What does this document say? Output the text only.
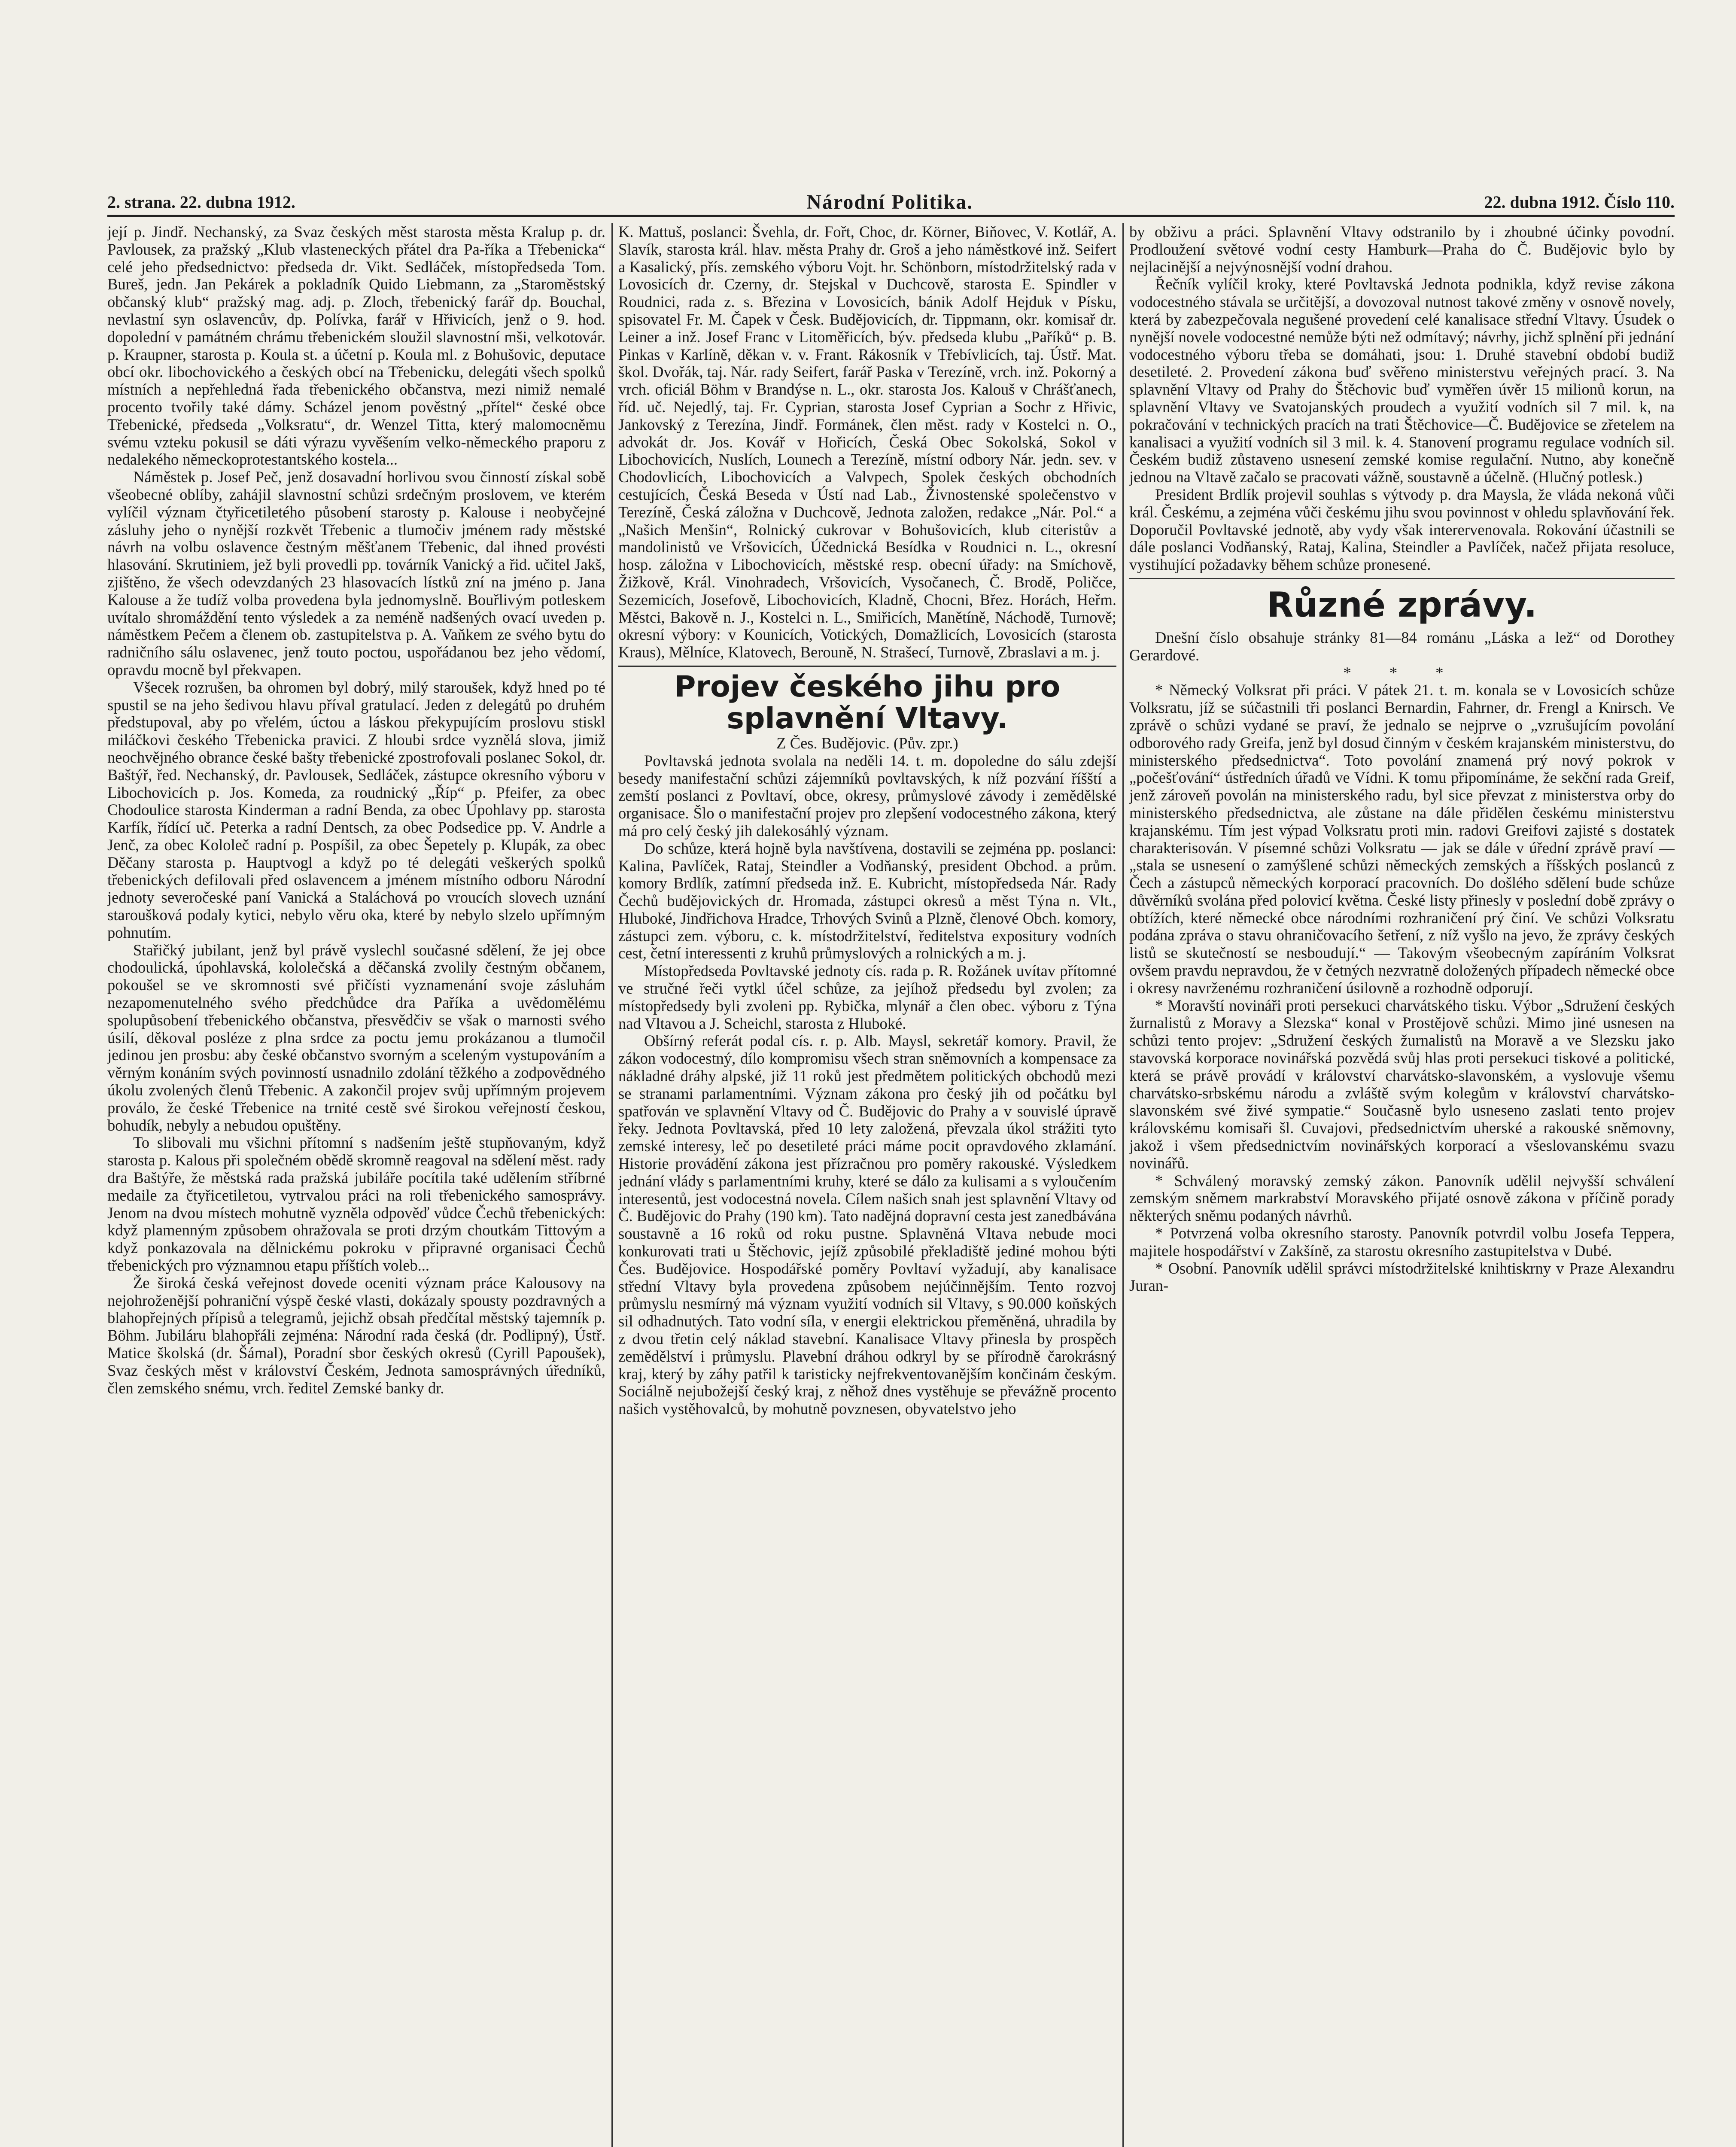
2. strana. 22. dubna 1912.	Národní Politika.	22. dubna 1912. Číslo 110.

její p. Jindř. Nechanský, za Svaz českých měst starosta města Kralup p. dr. Pavlousek, za pražský „Klub vlasteneckých přátel dra Pa-říka a Třebenicka“ celé jeho předsednictvo: předseda dr. Vikt. Sedláček, místopředseda Tom. Bureš, jedn. Jan Pekárek a pokladník Quido Liebmann, za „Staroměstský občanský klub“ pražský mag. adj. p. Zloch, třebenický farář dp. Bouchal, nevlastní syn oslavencův, dp. Polívka, farář v Hřivicích, jenž o 9. hod. dopolední v památném chrámu třebenickém sloužil slavnostní mši, velkotovár. p. Kraupner, starosta p. Koula st. a účetní p. Koula ml. z Bohušovic, deputace obcí okr. libochovického a českých obcí na Třebenicku, delegáti všech spolků místních a nepřehledná řada třebenického občanstva, mezi nimiž nemalé procento tvořily také dámy. Scházel jenom pověstný „přítel“ české obce Třebenické, předseda „Volksratu“, dr. Wenzel Titta, který malomocněmu svému vzteku pokusil se dáti výrazu vyvěšením velko-německého praporu z nedalekého německoprotestantského kostela...

Náměstek p. Josef Peč, jenž dosavadní horlivou svou činností získal sobě všeobecné oblíby, zahájil slavnostní schůzi srdečným proslovem, ve kterém vylíčil význam čtyřicetiletého působení starosty p. Kalouse i neobyčejné zásluhy jeho o nynější rozkvět Třebenic a tlumočiv jménem rady městské návrh na volbu oslavence čestným měšťanem Třebenic, dal ihned provésti hlasování. Skrutiniem, jež byli provedli pp. továrník Vanický a řid. učitel Jakš, zjištěno, že všech odevzdaných 23 hlasovacích lístků zní na jméno p. Jana Kalouse a že tudíž volba provedena byla jednomyslně. Bouřlivým potleskem uvítalo shromáždění tento výsledek a za neméně nadšených ovací uveden p. náměstkem Pečem a členem ob. zastupitelstva p. A. Vaňkem ze svého bytu do radničního sálu oslavenec, jenž touto poctou, uspořádanou bez jeho vědomí, opravdu mocně byl překvapen.

Všecek rozrušen, ba ohromen byl dobrý, milý staroušek, když hned po té spustil se na jeho šedivou hlavu příval gratulací. Jeden z delegátů po druhém předstupoval, aby po vřelém, úctou a láskou překypujícím proslovu stiskl miláčkovi českého Třebenicka pravici. Z hloubi srdce vyznělá slova, jimiž neochvějného obrance české bašty třebenické zpostrofovali poslanec Sokol, dr. Baštýř, řed. Nechanský, dr. Pavlousek, Sedláček, zástupce okresního výboru v Libochovicích p. Jos. Komeda, za roudnický „Říp“ p. Pfeifer, za obec Chodoulice starosta Kinderman a radní Benda, za obec Úpohlavy pp. starosta Karfík, řídící uč. Peterka a radní Dentsch, za obec Podsedice pp. V. Andrle a Jenč, za obec Kololeč radní p. Pospíšil, za obec Šepetely p. Klupák, za obec Děčany starosta p. Hauptvogl a když po té delegáti veškerých spolků třebenických defilovali před oslavencem a jménem místního odboru Národní jednoty severočeské paní Vanická a Staláchová po vroucích slovech uznání staroušková podaly kytici, nebylo věru oka, které by nebylo slzelo upřímným pohnutím.

Stařičký jubilant, jenž byl právě vyslechl současné sdělení, že jej obce chodoulická, úpohlavská, kololečská a děčanská zvolily čestným občanem, pokoušel se ve skromnosti své přičísti vyznamenání svoje zásluhám nezapomenutelného svého předchůdce dra Paříka a uvědomělému spolupůsobení třebenického občanstva, přesvědčiv se však o marnosti svého úsilí, děkoval posléze z plna srdce za poctu jemu prokázanou a tlumočil jedinou jen prosbu: aby české občanstvo svorným a sceleným vystupováním a věrným konáním svých povinností usnadnilo zdolání těžkého a zodpovědného úkolu zvolených členů Třebenic. A zakončil projev svůj upřímným projevem proválo, že české Třebenice na trnité cestě své širokou veřejností českou, bohudík, nebyly a nebudou opuštěny.

To slibovali mu všichni přítomní s nadšením ještě stupňovaným, když starosta p. Kalous při společném obědě skromně reagoval na sdělení měst. rady dra Baštýře, že městská rada pražská jubiláře pocítila také udělením stříbrné medaile za čtyřicetiletou, vytrvalou práci na roli třebenického samosprávy. Jenom na dvou místech mohutně vyzněla odpověď vůdce Čechů třebenických: když plamenným způsobem ohražovala se proti drzým choutkám Tittovým a když ponkazovala na dělnickému pokroku v připravné organisaci Čechů třebenických pro významnou etapu příštích voleb...

Že široká česká veřejnost dovede oceniti význam práce Kalousovy na nejohroženější pohraniční výspě české vlasti, dokázaly spousty pozdravných a blahopřejných přípisů a telegramů, jejichž obsah předčítal městský tajemník p. Böhm. Jubiláru blahopřáli zejména: Národní rada česká (dr. Podlipný), Ústř. Matice školská (dr. Šámal), Poradní sbor českých okresů (Cyrill Papoušek), Svaz českých měst v království Českém, Jednota samosprávných úředníků, člen zemského snému, vrch. ředitel Zemské banky dr.

K. Mattuš, poslanci: Švehla, dr. Fořt, Choc, dr. Körner, Biňovec, V. Kotlář, A. Slavík, starosta král. hlav. města Prahy dr. Groš a jeho náměstkové inž. Seifert a Kasalický, přís. zemského výboru Vojt. hr. Schönborn, místodržitelský rada v Lovosicích dr. Czerny, dr. Stejskal v Duchcově, starosta E. Spindler v Roudnici, rada z. s. Březina v Lovosicích, bánik Adolf Hejduk v Písku, spisovatel Fr. M. Čapek v Česk. Budějovicích, dr. Tippmann, okr. komisař dr. Leiner a inž. Josef Franc v Litoměřicích, býv. předseda klubu „Paříků“ p. B. Pinkas v Karlíně, děkan v. v. Frant. Rákosník v Třebívlicích, taj. Ústř. Mat. škol. Dvořák, taj. Nár. rady Seifert, farář Paska v Terezíně, vrch. inž. Pokorný a vrch. oficiál Böhm v Brandýse n. L., okr. starosta Jos. Kalouš v Chrášťanech, říd. uč. Nejedlý, taj. Fr. Cyprian, starosta Josef Cyprian a Sochr z Hřivic, Jankovský z Terezína, Jindř. Formánek, člen měst. rady v Kostelci n. O., advokát dr. Jos. Kovář v Hořicích, Česká Obec Sokolská, Sokol v Libochovicích, Nuslích, Lounech a Terezíně, místní odbory Nár. jedn. sev. v Chodovlicích, Libochovicích a Valvpech, Spolek českých obchodních cestujících, Česká Beseda v Ústí nad Lab., Živnostenské společenstvo v Terezíně, Česká záložna v Duchcově, Jednota založen, redakce „Nár. Pol.“ a „Našich Menšin“, Rolnický cukrovar v Bohušovicích, klub citeristův a mandolinistů ve Vršovicích, Účednická Besídka v Roudnici n. L., okresní hosp. záložna v Libochovicích, městské resp. obecní úřady: na Smíchově, Žižkově, Král. Vinohradech, Vršovicích, Vysočanech, Č. Brodě, Poličce, Sezemicích, Josefově, Libochovicích, Kladně, Chocni, Břez. Horách, Heřm. Městci, Bakově n. J., Kostelci n. L., Smiřicích, Manětíně, Náchodě, Turnově; okresní výbory: v Kounicích, Votických, Domažlicích, Lovosicích (starosta Kraus), Mělníce, Klatovech, Berouně, N. Strašecí, Turnově, Zbraslavi a m. j.

Projev českého jihu pro splavnění Vltavy.

Z Čes. Budějovic. (Pův. zpr.)

Povltavská jednota svolala na neděli 14. t. m. dopoledne do sálu zdejší besedy manifestační schůzi zájemníků povltavských, k níž pozvání říšští a zemští poslanci z Povltaví, obce, okresy, průmyslové závody i zemědělské organisace. Šlo o manifestační projev pro zlepšení vodocestného zákona, který má pro celý český jih dalekosáhlý význam.

Do schůze, která hojně byla navštívena, dostavili se zejména pp. poslanci: Kalina, Pavlíček, Rataj, Steindler a Vodňanský, president Obchod. a prům. komory Brdlík, zatímní předseda inž. E. Kubricht, místopředseda Nár. Rady Čechů budějovických dr. Hromada, zástupci okresů a měst Týna n. Vlt., Hluboké, Jindřichova Hradce, Trhových Svinů a Plzně, členové Obch. komory, zástupci zem. výboru, c. k. místodržitelství, ředitelstva expositury vodních cest, četní interessenti z kruhů průmyslových a rolnických a m. j.

Místopředseda Povltavské jednoty cís. rada p. R. Rožánek uvítav přítomné ve stručné řeči vytkl účel schůze, za jejíhož předsedu byl zvolen; za místopředsedy byli zvoleni pp. Rybička, mlynář a člen obec. výboru z Týna nad Vltavou a J. Scheichl, starosta z Hluboké.

Obšírný referát podal cís. r. p. Alb. Maysl, sekretář komory. Pravil, že zákon vodocestný, dílo kompromisu všech stran sněmovních a kompensace za nákladné dráhy alpské, již 11 roků jest předmětem politických obchodů mezi se stranami parlamentními. Význam zákona pro český jih od počátku byl spatřován ve splavnění Vltavy od Č. Budějovic do Prahy a v souvislé úpravě řeky. Jednota Povltavská, před 10 lety založená, převzala úkol strážiti tyto zemské interesy, leč po desetileté práci máme pocit opravdového zklamání. Historie provádění zákona jest přízračnou pro poměry rakouské. Výsledkem jednání vlády s parlamentními kruhy, které se dálo za kulisami a s vyloučením interesentů, jest vodocestná novela. Cílem našich snah jest splavnění Vltavy od Č. Budějovic do Prahy (190 km). Tato nadějná dopravní cesta jest zanedbávána soustavně a 16 roků od roku pustne. Splavněná Vltava nebude moci konkurovati trati u Štěchovic, jejíž způsobilé překladiště jediné mohou býti Čes. Budějovice. Hospodářské poměry Povltaví vyžadují, aby kanalisace střední Vltavy byla provedena způsobem nejúčinnějším. Tento rozvoj průmyslu nesmírný má význam využití vodních sil Vltavy, s 90.000 koňských sil odhadnutých. Tato vodní síla, v energii elektrickou přeměněná, uhradila by z dvou třetin celý náklad stavební. Kanalisace Vltavy přinesla by prospěch zemědělství i průmyslu. Plavební dráhou odkryl by se přírodně čarokrásný kraj, který by záhy patřil k taristicky nejfrekventovanějším končinám českým. Sociálně nejubožejší český kraj, z něhož dnes vystěhuje se převážně procento našich vystěhovalců, by mohutně povznesen, obyvatelstvo jeho

by obživu a práci. Splavnění Vltavy odstranilo by i zhoubné účinky povodní. Prodloužení světové vodní cesty Hamburk—Praha do Č. Budějovic bylo by nejlacinější a nejvýnosnější vodní drahou.

Řečník vylíčil kroky, které Povltavská Jednota podnikla, když revise zákona vodocestného stávala se určitější, a dovozoval nutnost takové změny v osnově novely, která by zabezpečovala negušené provedení celé kanalisace střední Vltavy. Úsudek o nynější novele vodocestné nemůže býti než odmítavý; návrhy, jichž splnění při jednání vodocestného výboru třeba se domáhati, jsou: 1. Druhé stavební období budiž desetileté. 2. Provedení zákona buď svěřeno ministerstvu veřejných prací. 3. Na splavnění Vltavy od Prahy do Štěchovic buď vyměřen úvěr 15 milionů korun, na splavnění Vltavy ve Svatojanských proudech a využití vodních sil 7 mil. k, na pokračování v technických pracích na trati Štěchovice—Č. Budějovice se zřetelem na kanalisaci a využití vodních sil 3 mil. k. 4. Stanovení programu regulace vodních sil. Českém budiž zůstaveno usnesení zemské komise regulační. Nutno, aby konečně jednou na Vltavě začalo se pracovati vážně, soustavně a účelně. (Hlučný potlesk.)

President Brdlík projevil souhlas s výtvody p. dra Maysla, že vláda nekoná vůči král. Českému, a zejména vůči českému jihu svou povinnost v ohledu splavňování řek. Doporučil Povltavské jednotě, aby vydy však interervenovala. Rokování účastnili se dále poslanci Vodňanský, Rataj, Kalina, Steindler a Pavlíček, načež přijata resoluce, vystihující požadavky během schůze pronesené.

Různé zprávy.

Dnešní číslo obsahuje stránky 81—84 románu „Láska a lež“ od Dorothey Gerardové.

* * *

* Německý Volksrat při práci. V pátek 21. t. m. konala se v Lovosicích schůze Volksratu, jíž se súčastnili tři poslanci Bernardin, Fahrner, dr. Frengl a Knirsch. Ve zprávě o schůzi vydané se praví, že jednalo se nejprve o „vzrušujícím povolání odborového rady Greifa, jenž byl dosud činným v českém krajanském ministerstvu, do ministerského předsednictva“. Toto povolání znamená prý nový pokrok v „počešťování“ ústředních úřadů ve Vídni. K tomu připomínáme, že sekční rada Greif, jenž zároveň povolán na ministerského radu, byl sice převzat z ministerstva orby do ministerského předsednictva, ale zůstane na dále přidělen českému ministerstvu krajanskému. Tím jest výpad Volksratu proti min. radovi Greifovi zajisté s dostatek charakterisován. V písemné schůzi Volksratu — jak se dále v úřední zprávě praví — „stala se usnesení o zamýšlené schůzi německých zemských a říšských poslanců z Čech a zástupců německých korporací pracovních. Do došlého sdělení bude schůze důvěrníků svolána před polovicí května. České listy přinesly v poslední době zprávy o obtížích, které německé obce národními rozhraničení prý činí. Ve schůzi Volksratu podána zpráva o stavu ohraničovacího šetření, z níž vyšlo na jevo, že zprávy českých listů se skutečností se nesboudují.“ — Takovým všeobecným zapíráním Volksrat ovšem pravdu nepravdou, že v četných nezvratně doložených případech německé obce i okresy navrženému rozhraničení úsilovně a rozhodně odporují.

* Moravští novináři proti persekuci charvátského tisku. Výbor „Sdružení českých žurnalistů z Moravy a Slezska“ konal v Prostějově schůzi. Mimo jiné usnesen na schůzi tento projev: „Sdružení českých žurnalistů na Moravě a ve Slezsku jako stavovská korporace novinářská pozvědá svůj hlas proti persekuci tiskové a politické, která se právě provádí v království charvátsko-slavonském, a vyslovuje všemu charvátsko-srbskému národu a zvláště svým kolegům v království charvátsko-slavonském své živé sympatie.“ Současně bylo usneseno zaslati tento projev královskému komisaři šl. Cuvajovi, předsednictvím uherské a rakouské sněmovny, jakož i všem předsednictvím novinářských korporací a všeslovanskému svazu novinářů.

* Schválený moravský zemský zákon. Panovník udělil nejvyšší schválení zemským sněmem markrabství Moravského přijaté osnově zákona v příčině porady některých sněmu podaných návrhů.

* Potvrzená volba okresního starosty. Panovník potvrdil volbu Josefa Teppera, majitele hospodářství v Zakšíně, za starostu okresního zastupitelstva v Dubé.

* Osobní. Panovník udělil správci místodržitelské knihtiskrny v Praze Alexandru Juran-
